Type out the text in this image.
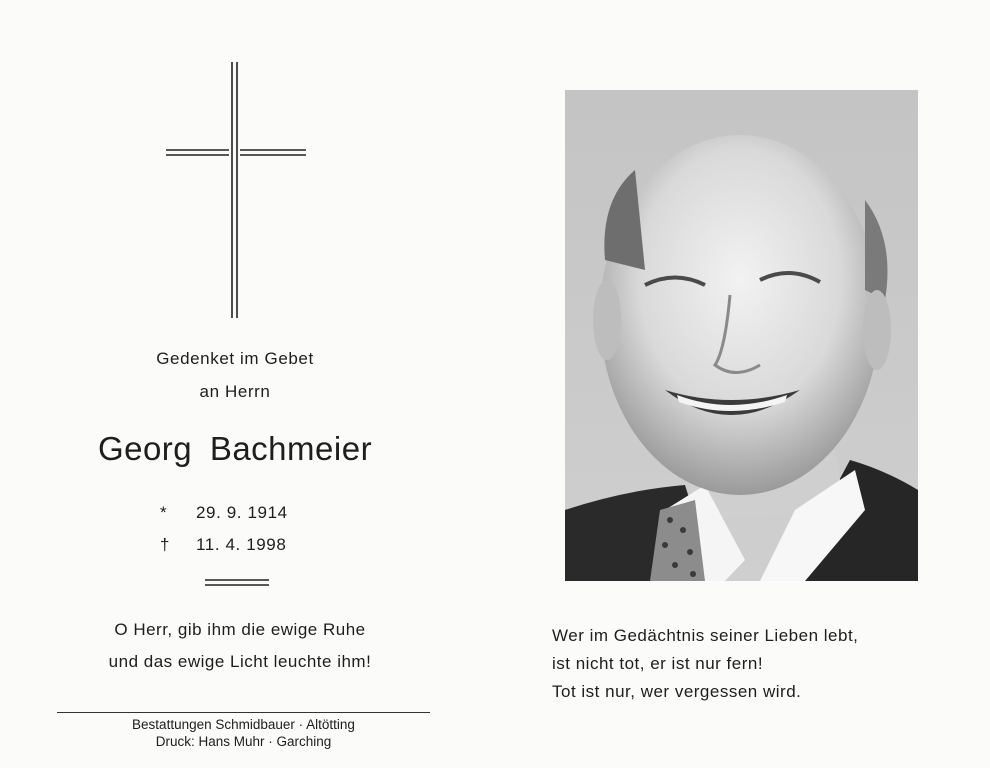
Gedenket im Gebet
an Herrn
Georg Bachmeier
* 29. 9. 1914
† 11. 4. 1998
O Herr, gib ihm die ewige Ruhe
und das ewige Licht leuchte ihm!
Bestattungen Schmidbauer · Altötting
Druck: Hans Muhr · Garching
Wer im Gedächtnis seiner Lieben lebt,
ist nicht tot, er ist nur fern!
Tot ist nur, wer vergessen wird.
